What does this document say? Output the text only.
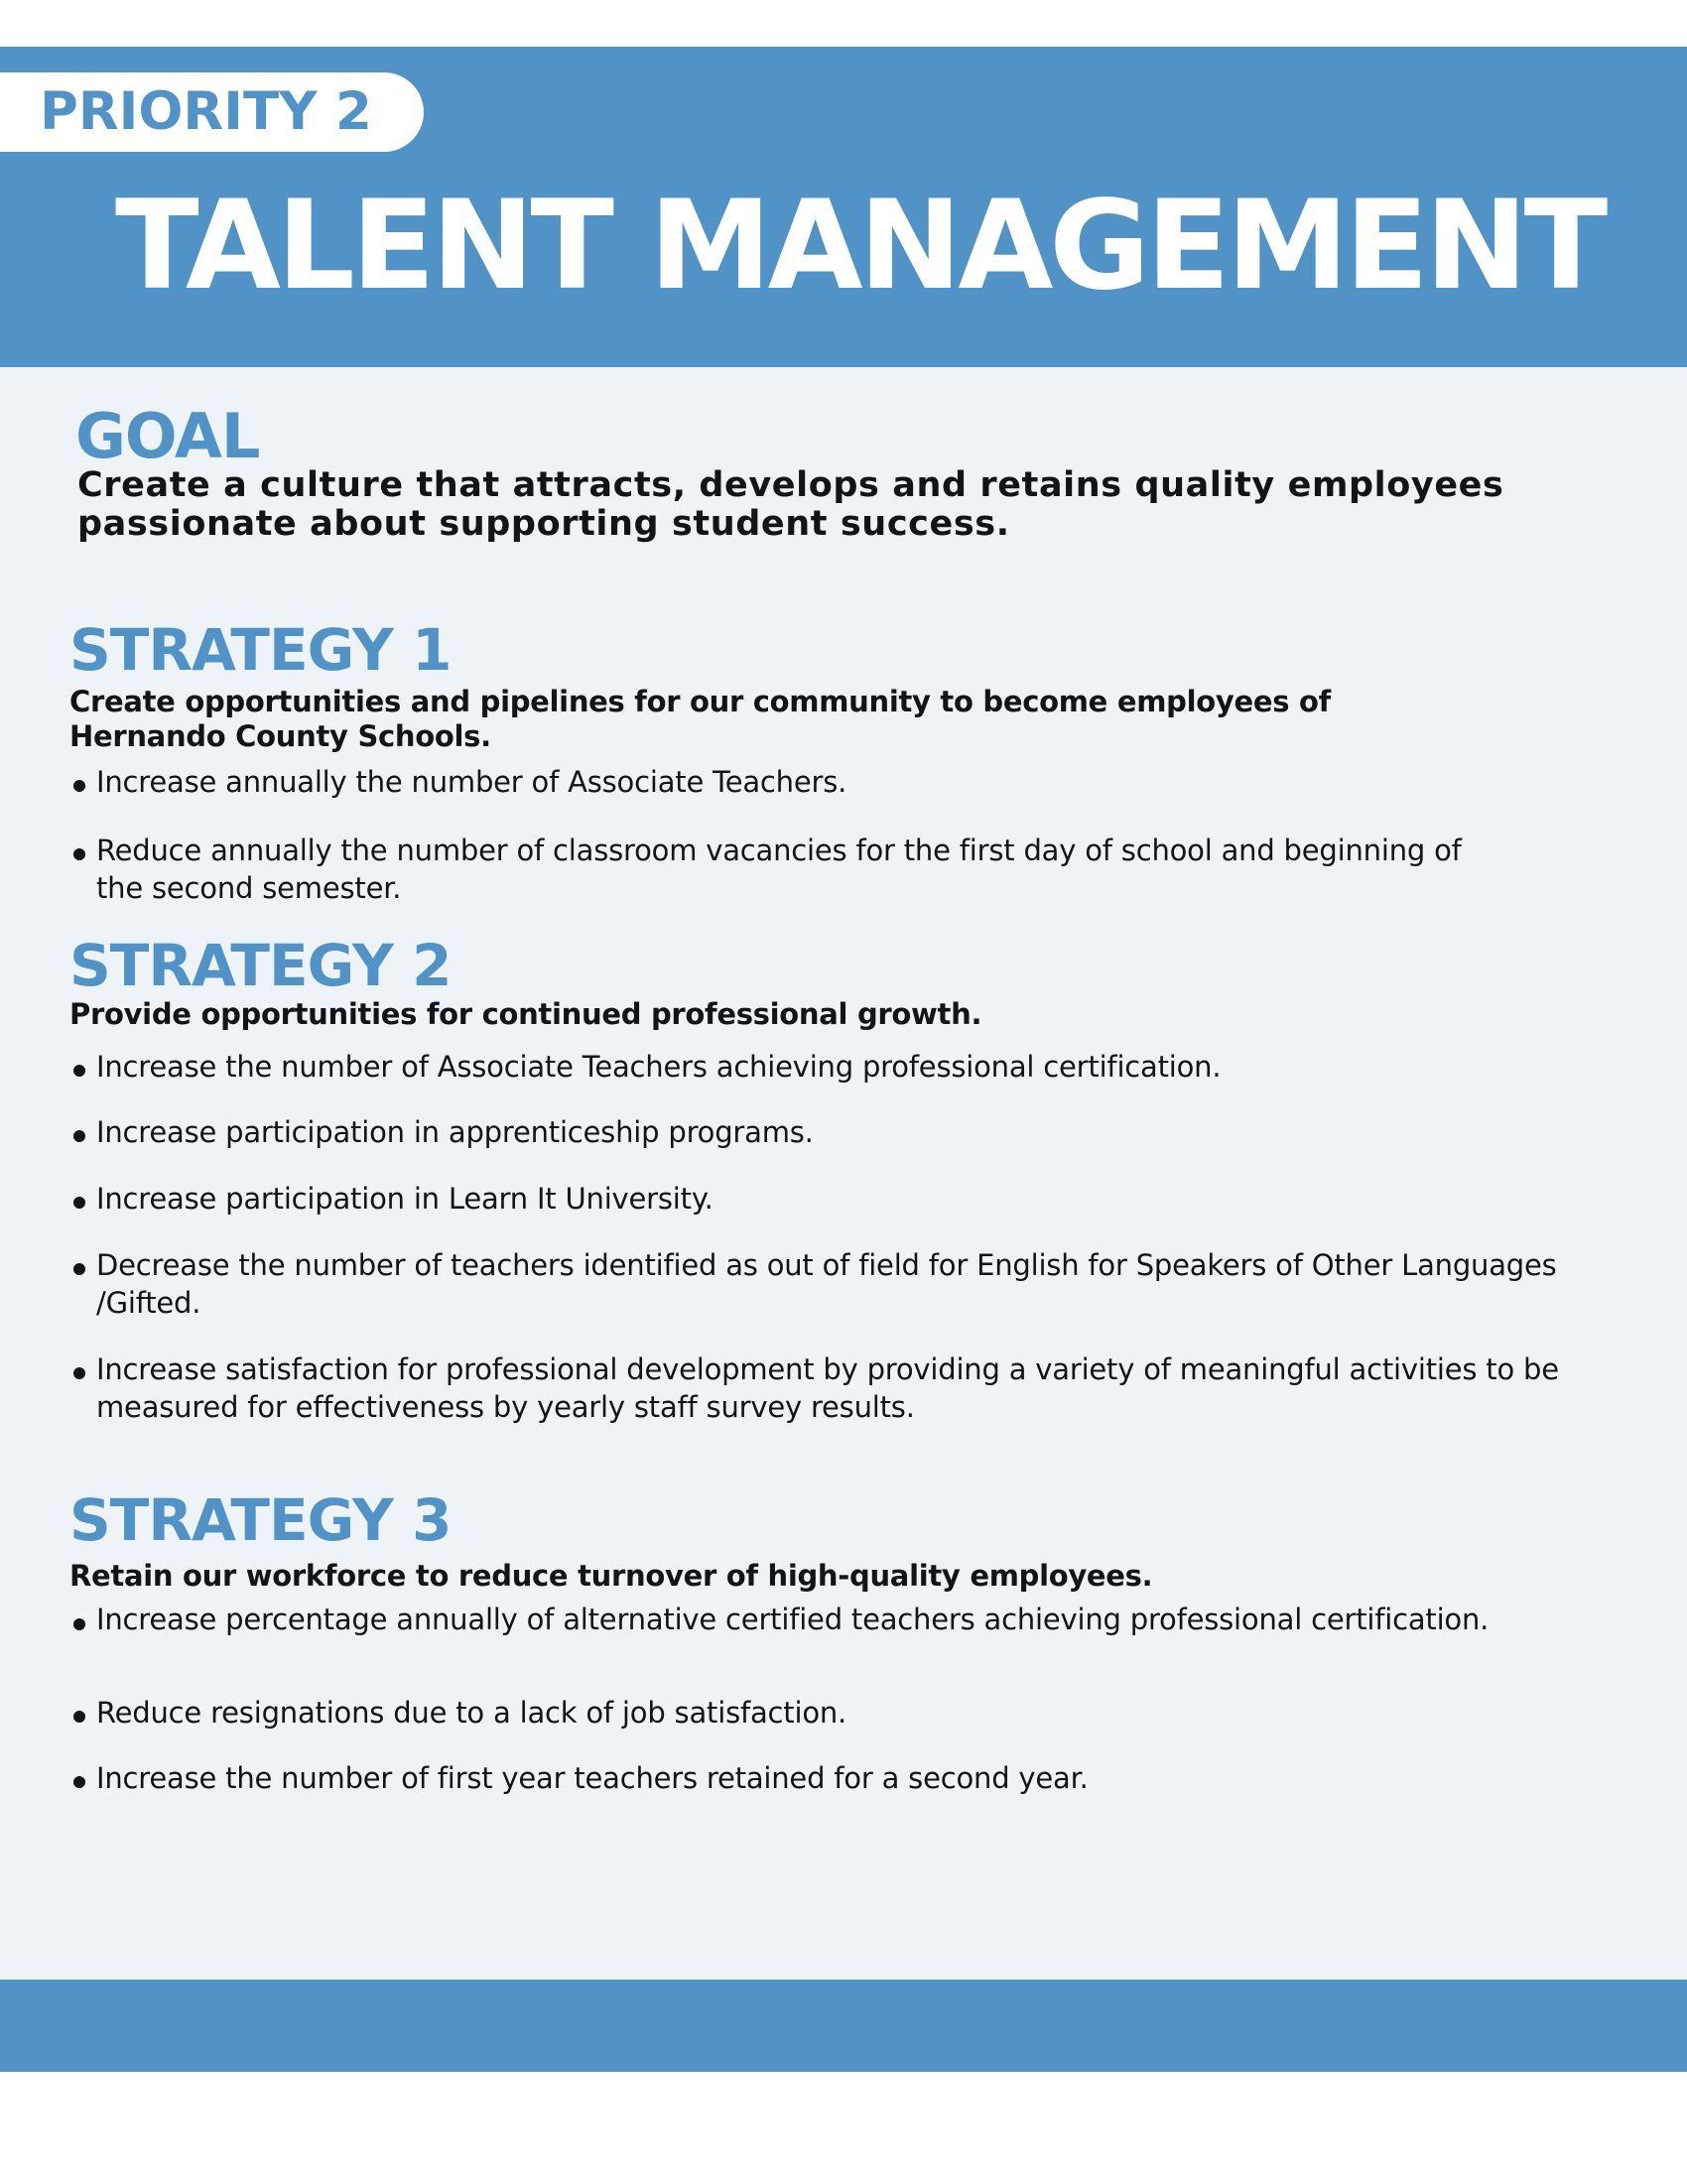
PRIORITY 2
TALENT MANAGEMENT
GOAL
Create a culture that attracts, develops and retains quality employees passionate about supporting student success.
STRATEGY 1
Create opportunities and pipelines for our community to become employees of Hernando County Schools.
Increase annually the number of Associate Teachers.
Reduce annually the number of classroom vacancies for the first day of school and beginning of the second semester.
STRATEGY 2
Provide opportunities for continued professional growth.
Increase the number of Associate Teachers achieving professional certification.
Increase participation in apprenticeship programs.
Increase participation in Learn It University.
Decrease the number of teachers identified as out of field for English for Speakers of Other Languages /Gifted.
Increase satisfaction for professional development by providing a variety of meaningful activities to be measured for effectiveness by yearly staff survey results.
STRATEGY 3
Retain our workforce to reduce turnover of high-quality employees.
Increase percentage annually of alternative certified teachers achieving professional certification.
Reduce resignations due to a lack of job satisfaction.
Increase the number of first year teachers retained for a second year.
